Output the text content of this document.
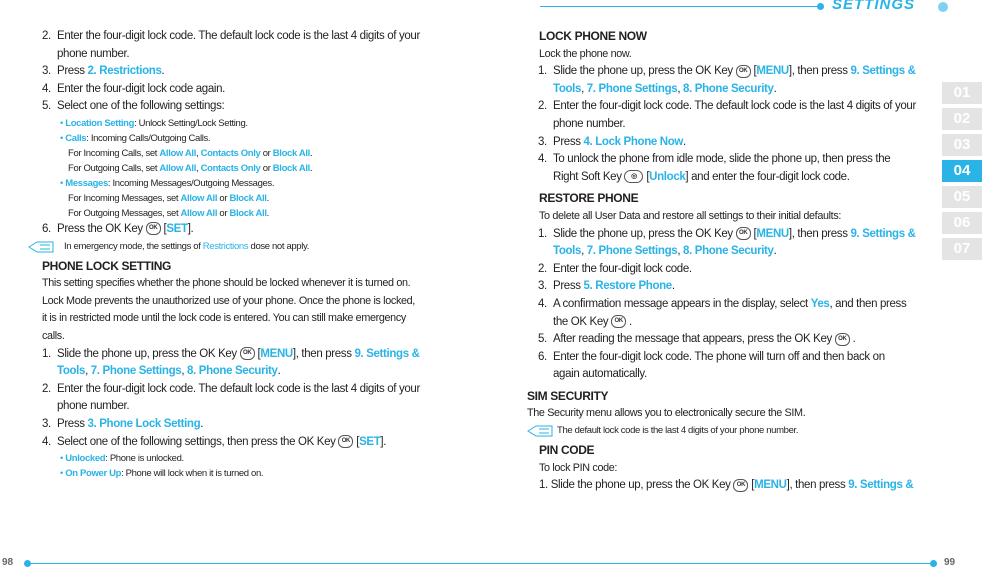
SETTINGS
01
02
03
04
05
06
07
2. Enter the four-digit lock code. The default lock code is the last 4 digits of your
phone number.
3. Press 2. Restrictions.
4. Enter the four-digit lock code again.
5. Select one of the following settings:
• Location Setting: Unlock Setting/Lock Setting.
• Calls: Incoming Calls/Outgoing Calls.
For Incoming Calls, set Allow All, Contacts Only or Block All.
For Outgoing Calls, set Allow All, Contacts Only or Block All.
• Messages: Incoming Messages/Outgoing Messages.
For Incoming Messages, set Allow All or Block All.
For Outgoing Messages, set Allow All or Block All.
6. Press the OK Key OK [SET].
In emergency mode, the settings of Restrictions dose not apply.
PHONE LOCK SETTING
This setting specifies whether the phone should be locked whenever it is turned on.
Lock Mode prevents the unauthorized use of your phone. Once the phone is locked,
it is in restricted mode until the lock code is entered. You can still make emergency
calls.
1. Slide the phone up, press the OK Key OK [MENU], then press 9. Settings &
Tools, 7. Phone Settings, 8. Phone Security.
2. Enter the four-digit lock code. The default lock code is the last 4 digits of your
phone number.
3. Press 3. Phone Lock Setting.
4. Select one of the following settings, then press the OK Key OK [SET].
• Unlocked: Phone is unlocked.
• On Power Up: Phone will lock when it is turned on.
LOCK PHONE NOW
Lock the phone now.
1. Slide the phone up, press the OK Key OK [MENU], then press 9. Settings &
Tools, 7. Phone Settings, 8. Phone Security.
2. Enter the four-digit lock code. The default lock code is the last 4 digits of your
phone number.
3. Press 4. Lock Phone Now.
4. To unlock the phone from idle mode, slide the phone up, then press the
Right Soft Key ◎ [Unlock] and enter the four-digit lock code.
RESTORE PHONE
To delete all User Data and restore all settings to their initial defaults:
1. Slide the phone up, press the OK Key OK [MENU], then press 9. Settings &
Tools, 7. Phone Settings, 8. Phone Security.
2. Enter the four-digit lock code.
3. Press 5. Restore Phone.
4. A confirmation message appears in the display, select Yes, and then press
the OK Key OK .
5. After reading the message that appears, press the OK Key OK .
6. Enter the four-digit lock code. The phone will turn off and then back on
again automatically.
SIM SECURITY
The Security menu allows you to electronically secure the SIM.
The default lock code is the last 4 digits of your phone number.
PIN CODE
To lock PIN code:
1. Slide the phone up, press the OK Key OK [MENU], then press 9. Settings &
98	99
